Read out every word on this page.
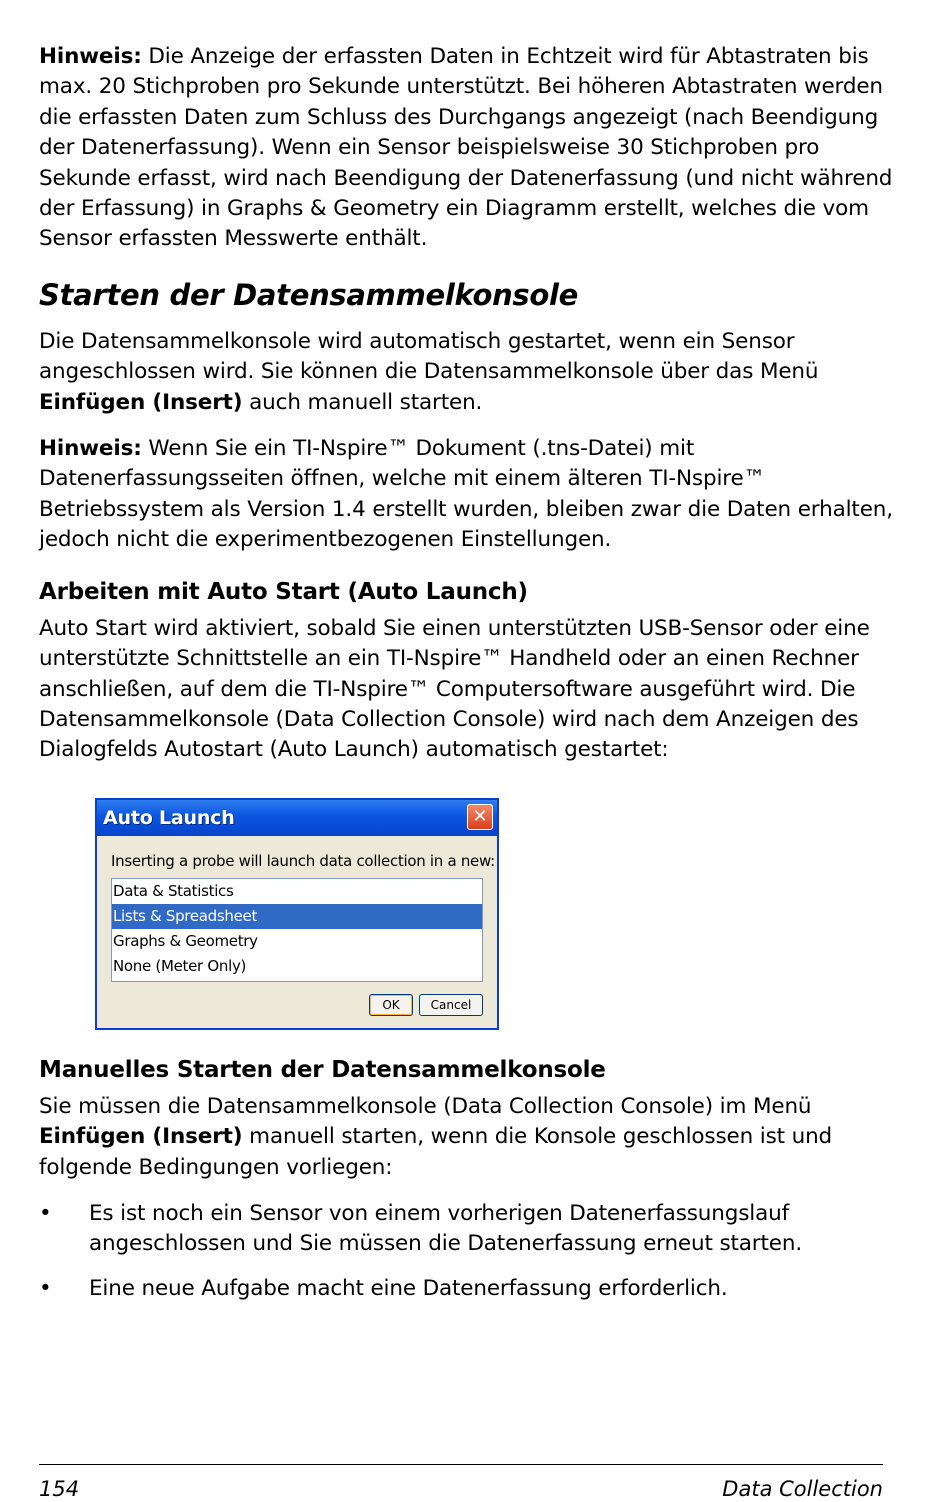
Hinweis: Die Anzeige der erfassten Daten in Echtzeit wird für Abtastraten bis max. 20 Stichproben pro Sekunde unterstützt. Bei höheren Abtastraten werden die erfassten Daten zum Schluss des Durchgangs angezeigt (nach Beendigung der Datenerfassung). Wenn ein Sensor beispielsweise 30 Stichproben pro Sekunde erfasst, wird nach Beendigung der Datenerfassung (und nicht während der Erfassung) in Graphs & Geometry ein Diagramm erstellt, welches die vom Sensor erfassten Messwerte enthält.

Starten der Datensammelkonsole

Die Datensammelkonsole wird automatisch gestartet, wenn ein Sensor angeschlossen wird. Sie können die Datensammelkonsole über das Menü Einfügen (Insert) auch manuell starten.

Hinweis: Wenn Sie ein TI-Nspire™ Dokument (.tns-Datei) mit Datenerfassungsseiten öffnen, welche mit einem älteren TI-Nspire™ Betriebssystem als Version 1.4 erstellt wurden, bleiben zwar die Daten erhalten, jedoch nicht die experimentbezogenen Einstellungen.

Arbeiten mit Auto Start (Auto Launch)

Auto Start wird aktiviert, sobald Sie einen unterstützten USB-Sensor oder eine unterstützte Schnittstelle an ein TI-Nspire™ Handheld oder an einen Rechner anschließen, auf dem die TI-Nspire™ Computersoftware ausgeführt wird. Die Datensammelkonsole (Data Collection Console) wird nach dem Anzeigen des Dialogfelds Autostart (Auto Launch) automatisch gestartet:

Auto Launch	✕
Inserting a probe will launch data collection in a new:
Data & Statistics
Lists & Spreadsheet
Graphs & Geometry
None (Meter Only)
OK	Cancel
Manuelles Starten der Datensammelkonsole

Sie müssen die Datensammelkonsole (Data Collection Console) im Menü Einfügen (Insert) manuell starten, wenn die Konsole geschlossen ist und folgende Bedingungen vorliegen:

• Es ist noch ein Sensor von einem vorherigen Datenerfassungslauf angeschlossen und Sie müssen die Datenerfassung erneut starten.
• Eine neue Aufgabe macht eine Datenerfassung erforderlich.
154	Data Collection
